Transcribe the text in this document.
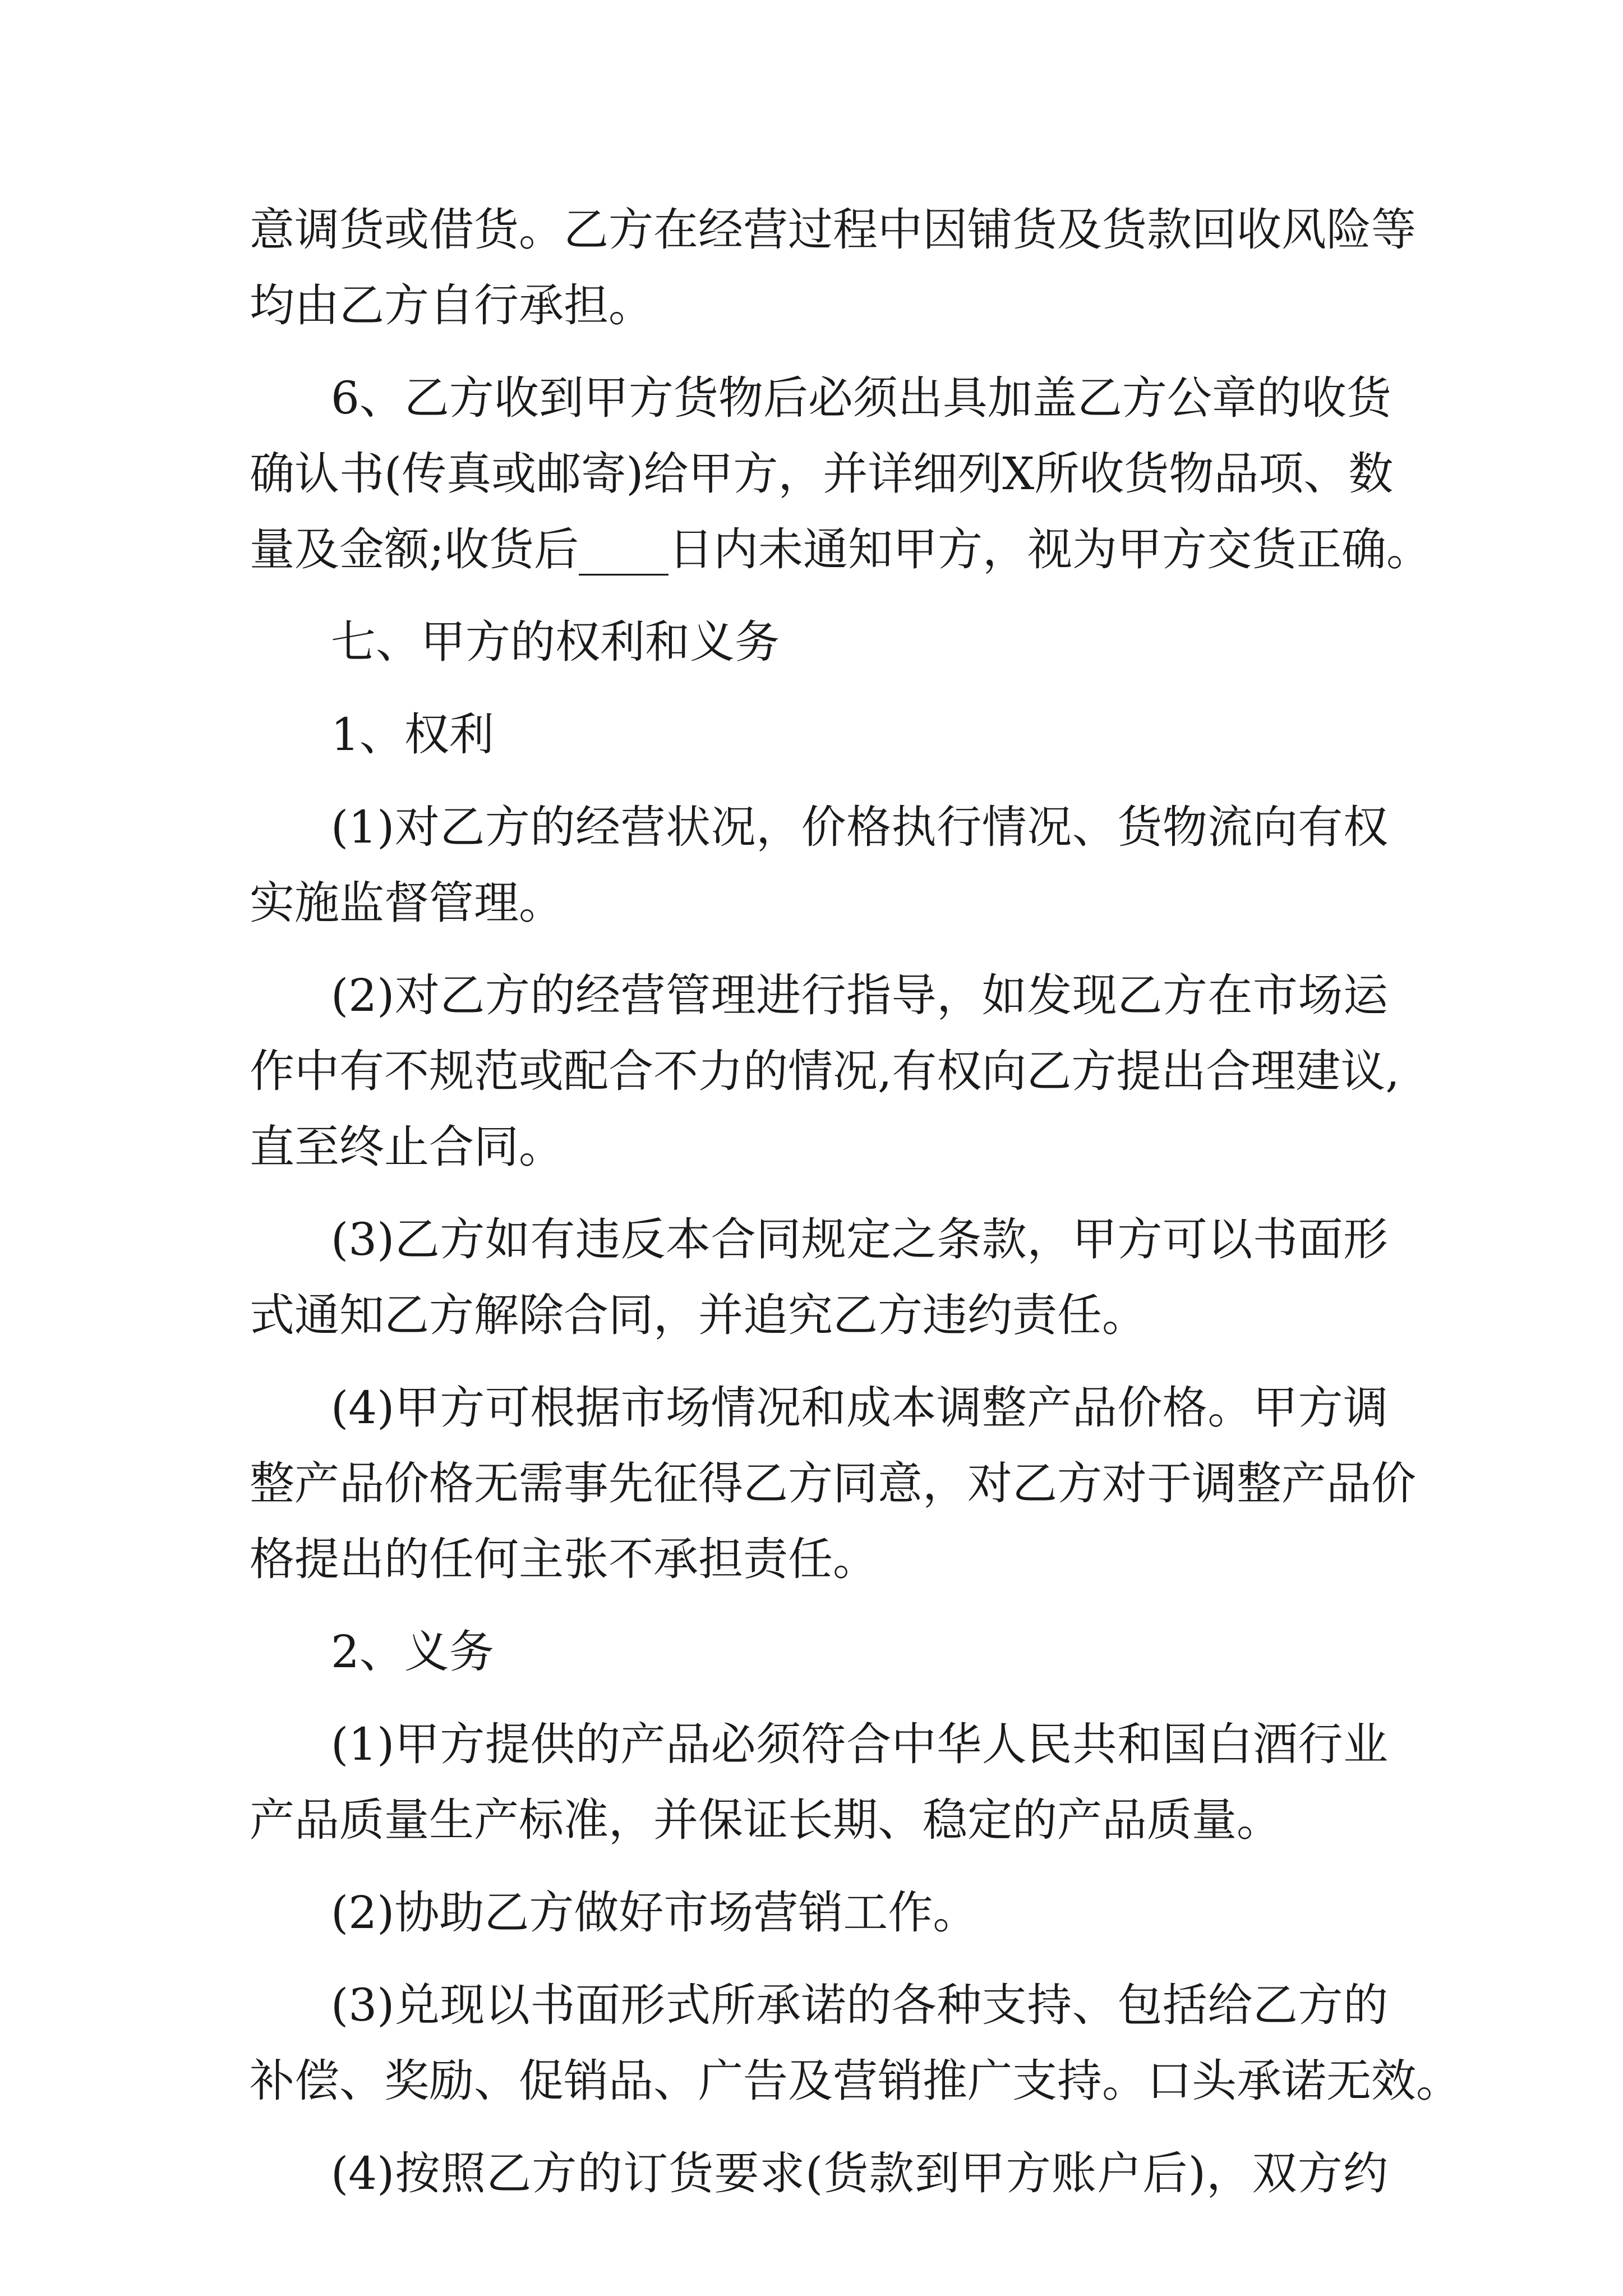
意调货或借货。乙方在经营过程中因铺货及货款回收风险等
均由乙方自行承担。
6、乙方收到甲方货物后必须出具加盖乙方公章的收货
确认书(传真或邮寄)给甲方，并详细列X所收货物品项、数
量及金额;收货后____日内未通知甲方，视为甲方交货正确。
七、甲方的权利和义务
1、权利
(1)对乙方的经营状况，价格执行情况、货物流向有权
实施监督管理。
(2)对乙方的经营管理进行指导，如发现乙方在市场运
作中有不规范或配合不力的情况,有权向乙方提出合理建议,
直至终止合同。
(3)乙方如有违反本合同规定之条款，甲方可以书面形
式通知乙方解除合同，并追究乙方违约责任。
(4)甲方可根据市场情况和成本调整产品价格。甲方调
整产品价格无需事先征得乙方同意，对乙方对于调整产品价
格提出的任何主张不承担责任。
2、义务
(1)甲方提供的产品必须符合中华人民共和国白酒行业
产品质量生产标准，并保证长期、稳定的产品质量。
(2)协助乙方做好市场营销工作。
(3)兑现以书面形式所承诺的各种支持、包括给乙方的
补偿、奖励、促销品、广告及营销推广支持。口头承诺无效。
(4)按照乙方的订货要求(货款到甲方账户后)，双方约
